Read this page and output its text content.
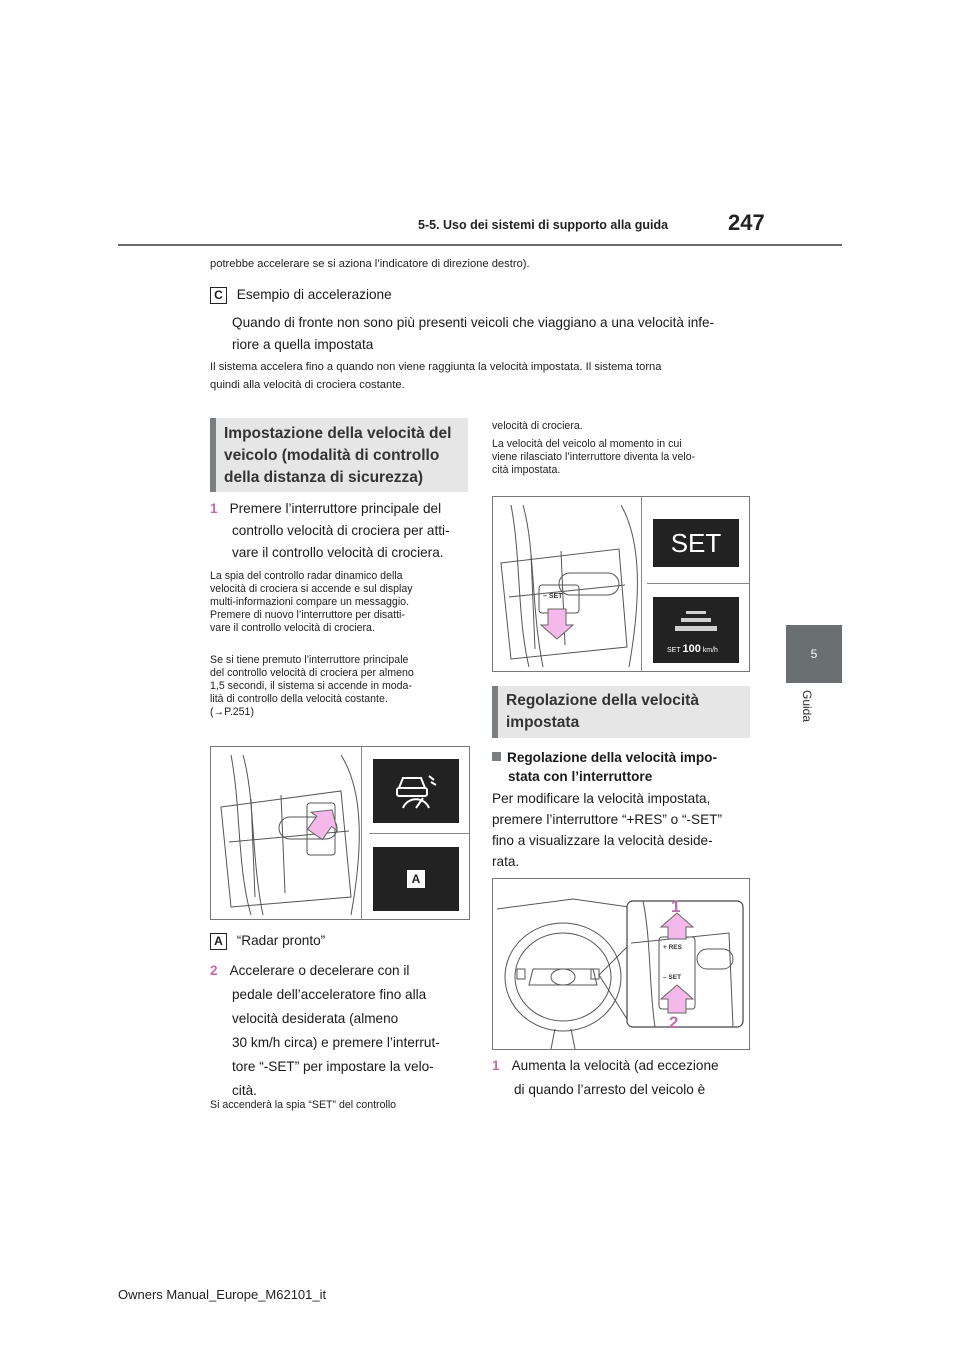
5-5. Uso dei sistemi di supporto alla guida	247
5
Guida
potrebbe accelerare se si aziona l’indicatore di direzione destro).
C Esempio di accelerazione
Quando di fronte non sono più presenti veicoli che viaggiano a una velocità infe-
riore a quella impostata
Il sistema accelera fino a quando non viene raggiunta la velocità impostata. Il sistema torna
quindi alla velocità di crociera costante.
Impostazione della velocità del
veicolo (modalità di controllo
della distanza di sicurezza)
1 Premere l’interruttore principale del
controllo velocità di crociera per atti-
vare il controllo velocità di crociera.
La spia del controllo radar dinamico della
velocità di crociera si accende e sul display
multi-informazioni compare un messaggio.
Premere di nuovo l’interruttore per disatti-
vare il controllo velocità di crociera.
Se si tiene premuto l’interruttore principale
del controllo velocità di crociera per almeno
1,5 secondi, il sistema si accende in moda-
lità di controllo della velocità costante.
(→P.251)
A
A “Radar pronto”
2 Accelerare o decelerare con il
pedale dell’acceleratore fino alla
velocità desiderata (almeno
30 km/h circa) e premere l’interrut-
tore “-SET” per impostare la velo-
cità.
Si accenderà la spia “SET” del controllo
velocità di crociera.
La velocità del veicolo al momento in cui
viene rilasciato l’interruttore diventa la velo-
cità impostata.
– SET
SET
SET 100 km/h
Regolazione della velocità
impostata
Regolazione della velocità impo-
stata con l’interruttore
Per modificare la velocità impostata,
premere l’interruttore “+RES” o “-SET”
fino a visualizzare la velocità deside-
rata.
1
2
+ RES
– SET
1 Aumenta la velocità (ad eccezione
di quando l’arresto del veicolo è
Owners Manual_Europe_M62101_it
